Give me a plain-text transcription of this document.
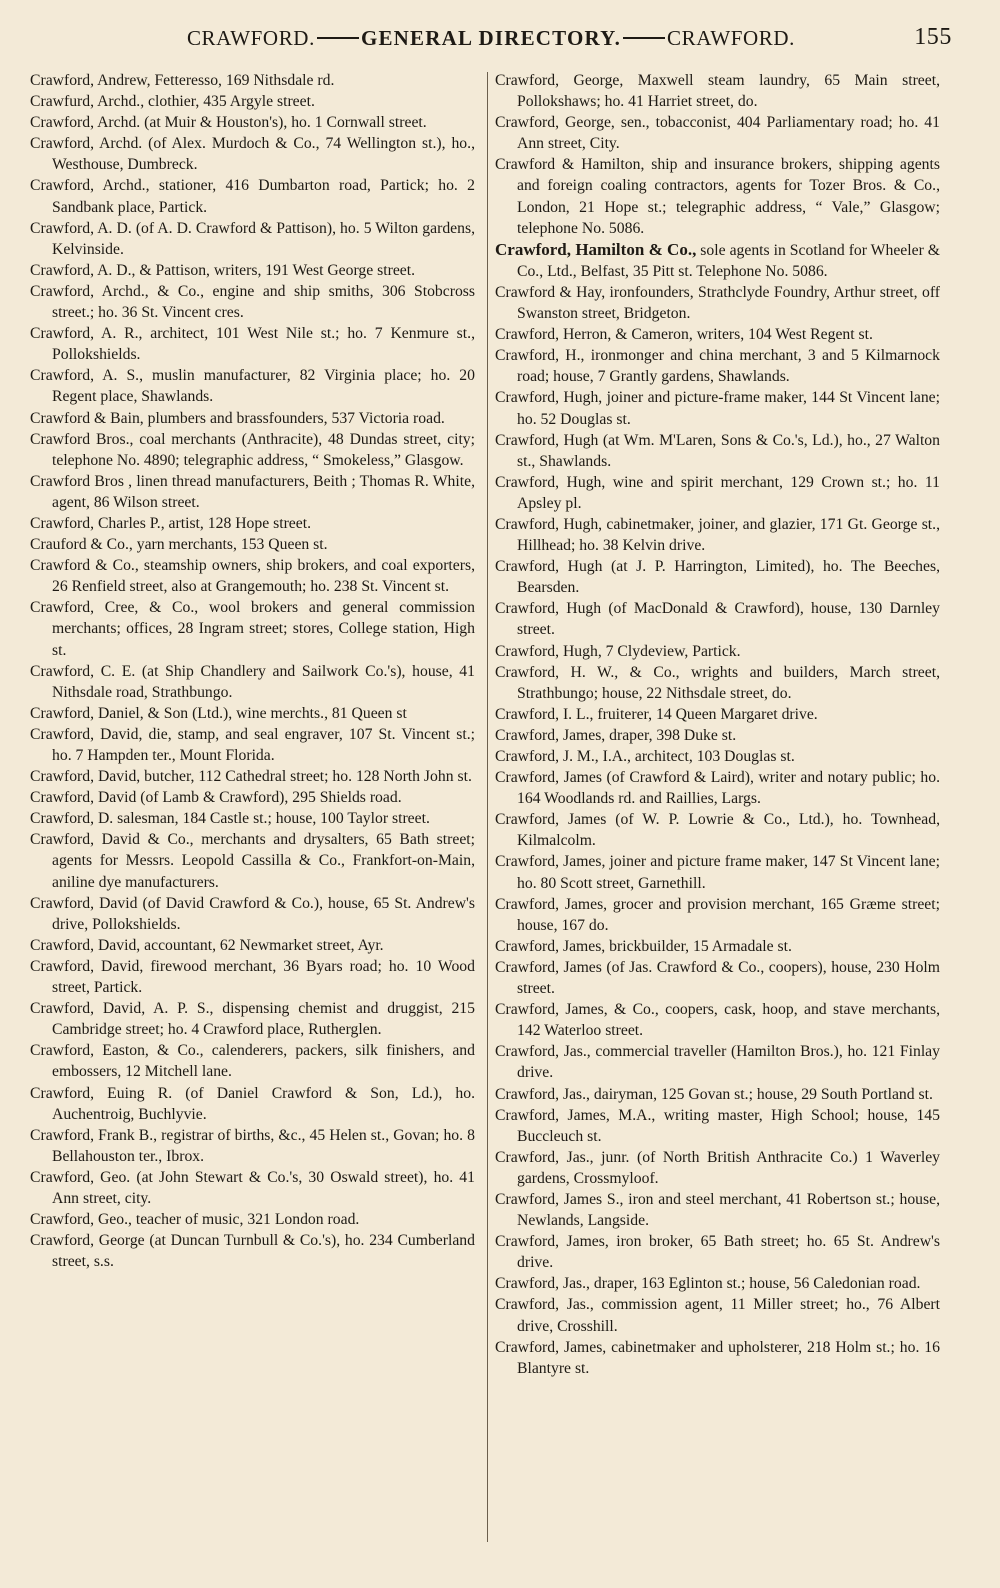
CRAWFORD. GENERAL DIRECTORY. CRAWFORD.	155

Crawford, Andrew, Fetteresso, 169 Nithsdale rd.

Crawfurd, Archd., clothier, 435 Argyle street.

Crawford, Archd. (at Muir & Houston's), ho. 1 Cornwall street.

Crawford, Archd. (of Alex. Murdoch & Co., 74 Wellington st.), ho., Westhouse, Dumbreck.

Crawford, Archd., stationer, 416 Dumbarton road, Partick; ho. 2 Sandbank place, Partick.

Crawford, A. D. (of A. D. Crawford & Pattison), ho. 5 Wilton gardens, Kelvinside.

Crawford, A. D., & Pattison, writers, 191 West George street.

Crawford, Archd., & Co., engine and ship smiths, 306 Stobcross street.; ho. 36 St. Vincent cres.

Crawford, A. R., architect, 101 West Nile st.; ho. 7 Kenmure st., Pollokshields.

Crawford, A. S., muslin manufacturer, 82 Virginia place; ho. 20 Regent place, Shawlands.

Crawford & Bain, plumbers and brassfounders, 537 Victoria road.

Crawford Bros., coal merchants (Anthracite), 48 Dundas street, city; telephone No. 4890; telegraphic address, “ Smokeless,” Glasgow.

Crawford Bros , linen thread manufacturers, Beith ; Thomas R. White, agent, 86 Wilson street.

Crawford, Charles P., artist, 128 Hope street.

Crauford & Co., yarn merchants, 153 Queen st.

Crawford & Co., steamship owners, ship brokers, and coal exporters, 26 Renfield street, also at Grangemouth; ho. 238 St. Vincent st.

Crawford, Cree, & Co., wool brokers and general commission merchants; offices, 28 Ingram street; stores, College station, High st.

Crawford, C. E. (at Ship Chandlery and Sailwork Co.'s), house, 41 Nithsdale road, Strathbungo.

Crawford, Daniel, & Son (Ltd.), wine merchts., 81 Queen st

Crawford, David, die, stamp, and seal engraver, 107 St. Vincent st.; ho. 7 Hampden ter., Mount Florida.

Crawford, David, butcher, 112 Cathedral street; ho. 128 North John st.

Crawford, David (of Lamb & Crawford), 295 Shields road.

Crawford, D. salesman, 184 Castle st.; house, 100 Taylor street.

Crawford, David & Co., merchants and drysalters, 65 Bath street; agents for Messrs. Leopold Cassilla & Co., Frankfort-on-Main, aniline dye manufacturers.

Crawford, David (of David Crawford & Co.), house, 65 St. Andrew's drive, Pollokshields.

Crawford, David, accountant, 62 Newmarket street, Ayr.

Crawford, David, firewood merchant, 36 Byars road; ho. 10 Wood street, Partick.

Crawford, David, A. P. S., dispensing chemist and druggist, 215 Cambridge street; ho. 4 Crawford place, Rutherglen.

Crawford, Easton, & Co., calenderers, packers, silk finishers, and embossers, 12 Mitchell lane.

Crawford, Euing R. (of Daniel Crawford & Son, Ld.), ho. Auchentroig, Buchlyvie.

Crawford, Frank B., registrar of births, &c., 45 Helen st., Govan; ho. 8 Bellahouston ter., Ibrox.

Crawford, Geo. (at John Stewart & Co.'s, 30 Oswald street), ho. 41 Ann street, city.

Crawford, Geo., teacher of music, 321 London road.

Crawford, George (at Duncan Turnbull & Co.'s), ho. 234 Cumberland street, s.s.

Crawford, George, Maxwell steam laundry, 65 Main street, Pollokshaws; ho. 41 Harriet street, do.

Crawford, George, sen., tobacconist, 404 Parliamentary road; ho. 41 Ann street, City.

Crawford & Hamilton, ship and insurance brokers, shipping agents and foreign coaling contractors, agents for Tozer Bros. & Co., London, 21 Hope st.; telegraphic address, “ Vale,” Glasgow; telephone No. 5086.

Crawford, Hamilton & Co., sole agents in Scotland for Wheeler & Co., Ltd., Belfast, 35 Pitt st. Telephone No. 5086.

Crawford & Hay, ironfounders, Strathclyde Foundry, Arthur street, off Swanston street, Bridgeton.

Crawford, Herron, & Cameron, writers, 104 West Regent st.

Crawford, H., ironmonger and china merchant, 3 and 5 Kilmarnock road; house, 7 Grantly gardens, Shawlands.

Crawford, Hugh, joiner and picture-frame maker, 144 St Vincent lane; ho. 52 Douglas st.

Crawford, Hugh (at Wm. M'Laren, Sons & Co.'s, Ld.), ho., 27 Walton st., Shawlands.

Crawford, Hugh, wine and spirit merchant, 129 Crown st.; ho. 11 Apsley pl.

Crawford, Hugh, cabinetmaker, joiner, and glazier, 171 Gt. George st., Hillhead; ho. 38 Kelvin drive.

Crawford, Hugh (at J. P. Harrington, Limited), ho. The Beeches, Bearsden.

Crawford, Hugh (of MacDonald & Crawford), house, 130 Darnley street.

Crawford, Hugh, 7 Clydeview, Partick.

Crawford, H. W., & Co., wrights and builders, March street, Strathbungo; house, 22 Nithsdale street, do.

Crawford, I. L., fruiterer, 14 Queen Margaret drive.

Crawford, James, draper, 398 Duke st.

Crawford, J. M., I.A., architect, 103 Douglas st.

Crawford, James (of Crawford & Laird), writer and notary public; ho. 164 Woodlands rd. and Raillies, Largs.

Crawford, James (of W. P. Lowrie & Co., Ltd.), ho. Townhead, Kilmalcolm.

Crawford, James, joiner and picture frame maker, 147 St Vincent lane; ho. 80 Scott street, Garnethill.

Crawford, James, grocer and provision merchant, 165 Græme street; house, 167 do.

Crawford, James, brickbuilder, 15 Armadale st.

Crawford, James (of Jas. Crawford & Co., coopers), house, 230 Holm street.

Crawford, James, & Co., coopers, cask, hoop, and stave merchants, 142 Waterloo street.

Crawford, Jas., commercial traveller (Hamilton Bros.), ho. 121 Finlay drive.

Crawford, Jas., dairyman, 125 Govan st.; house, 29 South Portland st.

Crawford, James, M.A., writing master, High School; house, 145 Buccleuch st.

Crawford, Jas., junr. (of North British Anthracite Co.) 1 Waverley gardens, Crossmyloof.

Crawford, James S., iron and steel merchant, 41 Robertson st.; house, Newlands, Langside.

Crawford, James, iron broker, 65 Bath street; ho. 65 St. Andrew's drive.

Crawford, Jas., draper, 163 Eglinton st.; house, 56 Caledonian road.

Crawford, Jas., commission agent, 11 Miller street; ho., 76 Albert drive, Crosshill.

Crawford, James, cabinetmaker and upholsterer, 218 Holm st.; ho. 16 Blantyre st.
